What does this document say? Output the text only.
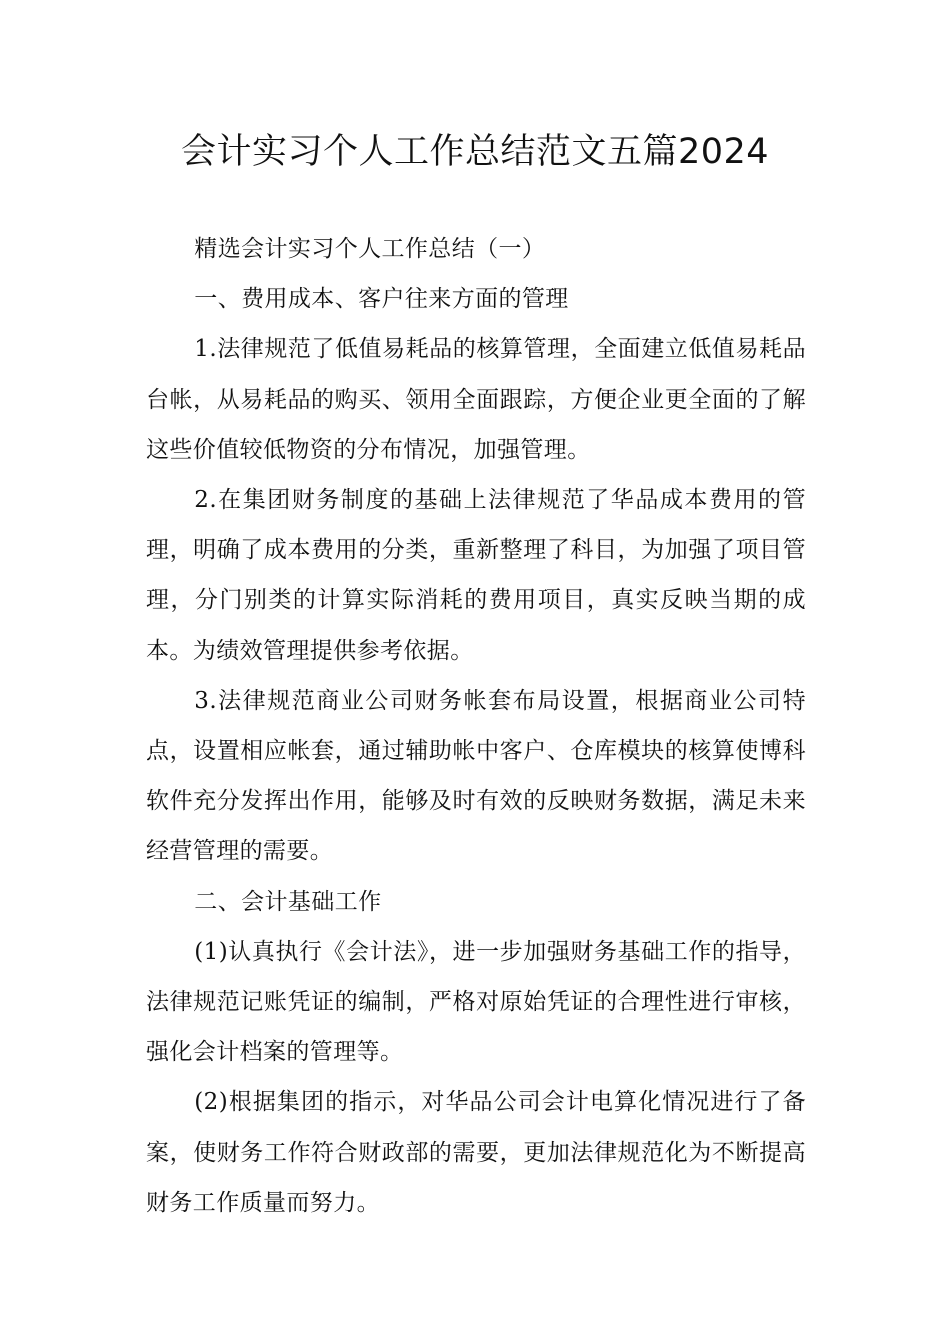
会计实习个人工作总结范文五篇2024

精选会计实习个人工作总结（一）

一、费用成本、客户往来方面的管理

1.法律规范了低值易耗品的核算管理，全面建立低值易耗品台帐，从易耗品的购买、领用全面跟踪，方便企业更全面的了解这些价值较低物资的分布情况，加强管理。

2.在集团财务制度的基础上法律规范了华品成本费用的管理，明确了成本费用的分类，重新整理了科目，为加强了项目管理，分门别类的计算实际消耗的费用项目，真实反映当期的成本。为绩效管理提供参考依据。

3.法律规范商业公司财务帐套布局设置，根据商业公司特点，设置相应帐套，通过辅助帐中客户、仓库模块的核算使博科软件充分发挥出作用，能够及时有效的反映财务数据，满足未来经营管理的需要。

二、会计基础工作

(1)认真执行《会计法》，进一步加强财务基础工作的指导，法律规范记账凭证的编制，严格对原始凭证的合理性进行审核，强化会计档案的管理等。

(2)根据集团的指示，对华品公司会计电算化情况进行了备案，使财务工作符合财政部的需要，更加法律规范化为不断提高财务工作质量而努力。
